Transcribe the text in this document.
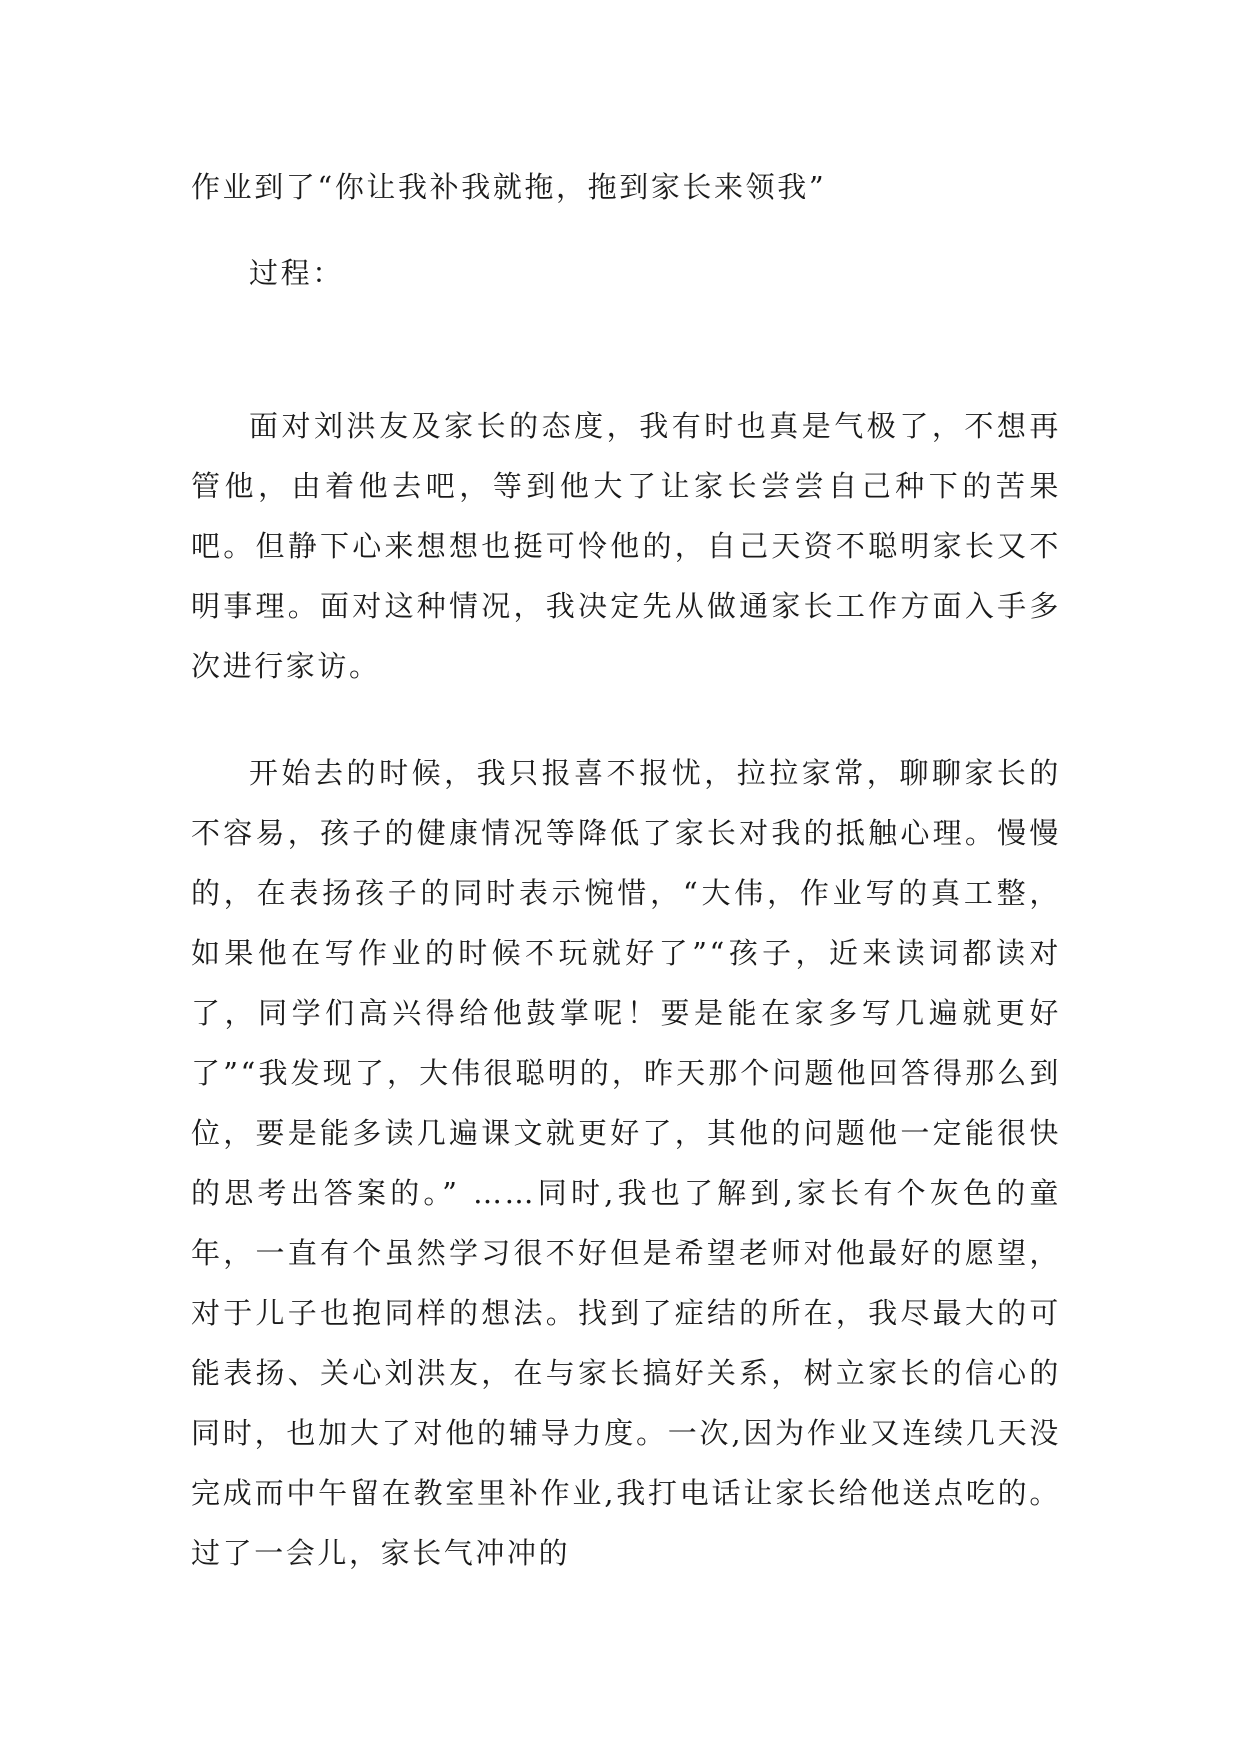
作业到了“你让我补我就拖，拖到家长来领我”

过程：

面对刘洪友及家长的态度，我有时也真是气极了，不想再管他，由着他去吧，等到他大了让家长尝尝自己种下的苦果吧。但静下心来想想也挺可怜他的，自己天资不聪明家长又不明事理。面对这种情况，我决定先从做通家长工作方面入手多次进行家访。

开始去的时候，我只报喜不报忧，拉拉家常，聊聊家长的不容易，孩子的健康情况等降低了家长对我的抵触心理。慢慢的，在表扬孩子的同时表示惋惜，“大伟，作业写的真工整，如果他在写作业的时候不玩就好了”“孩子，近来读词都读对了，同学们高兴得给他鼓掌呢！要是能在家多写几遍就更好了”“我发现了，大伟很聪明的，昨天那个问题他回答得那么到位，要是能多读几遍课文就更好了，其他的问题他一定能很快的思考出答案的。” ……同时,我也了解到,家长有个灰色的童年，一直有个虽然学习很不好但是希望老师对他最好的愿望，对于儿子也抱同样的想法。找到了症结的所在，我尽最大的可能表扬、关心刘洪友，在与家长搞好关系，树立家长的信心的同时，也加大了对他的辅导力度。一次,因为作业又连续几天没完成而中午留在教室里补作业,我打电话让家长给他送点吃的。过了一会儿，家长气冲冲的
